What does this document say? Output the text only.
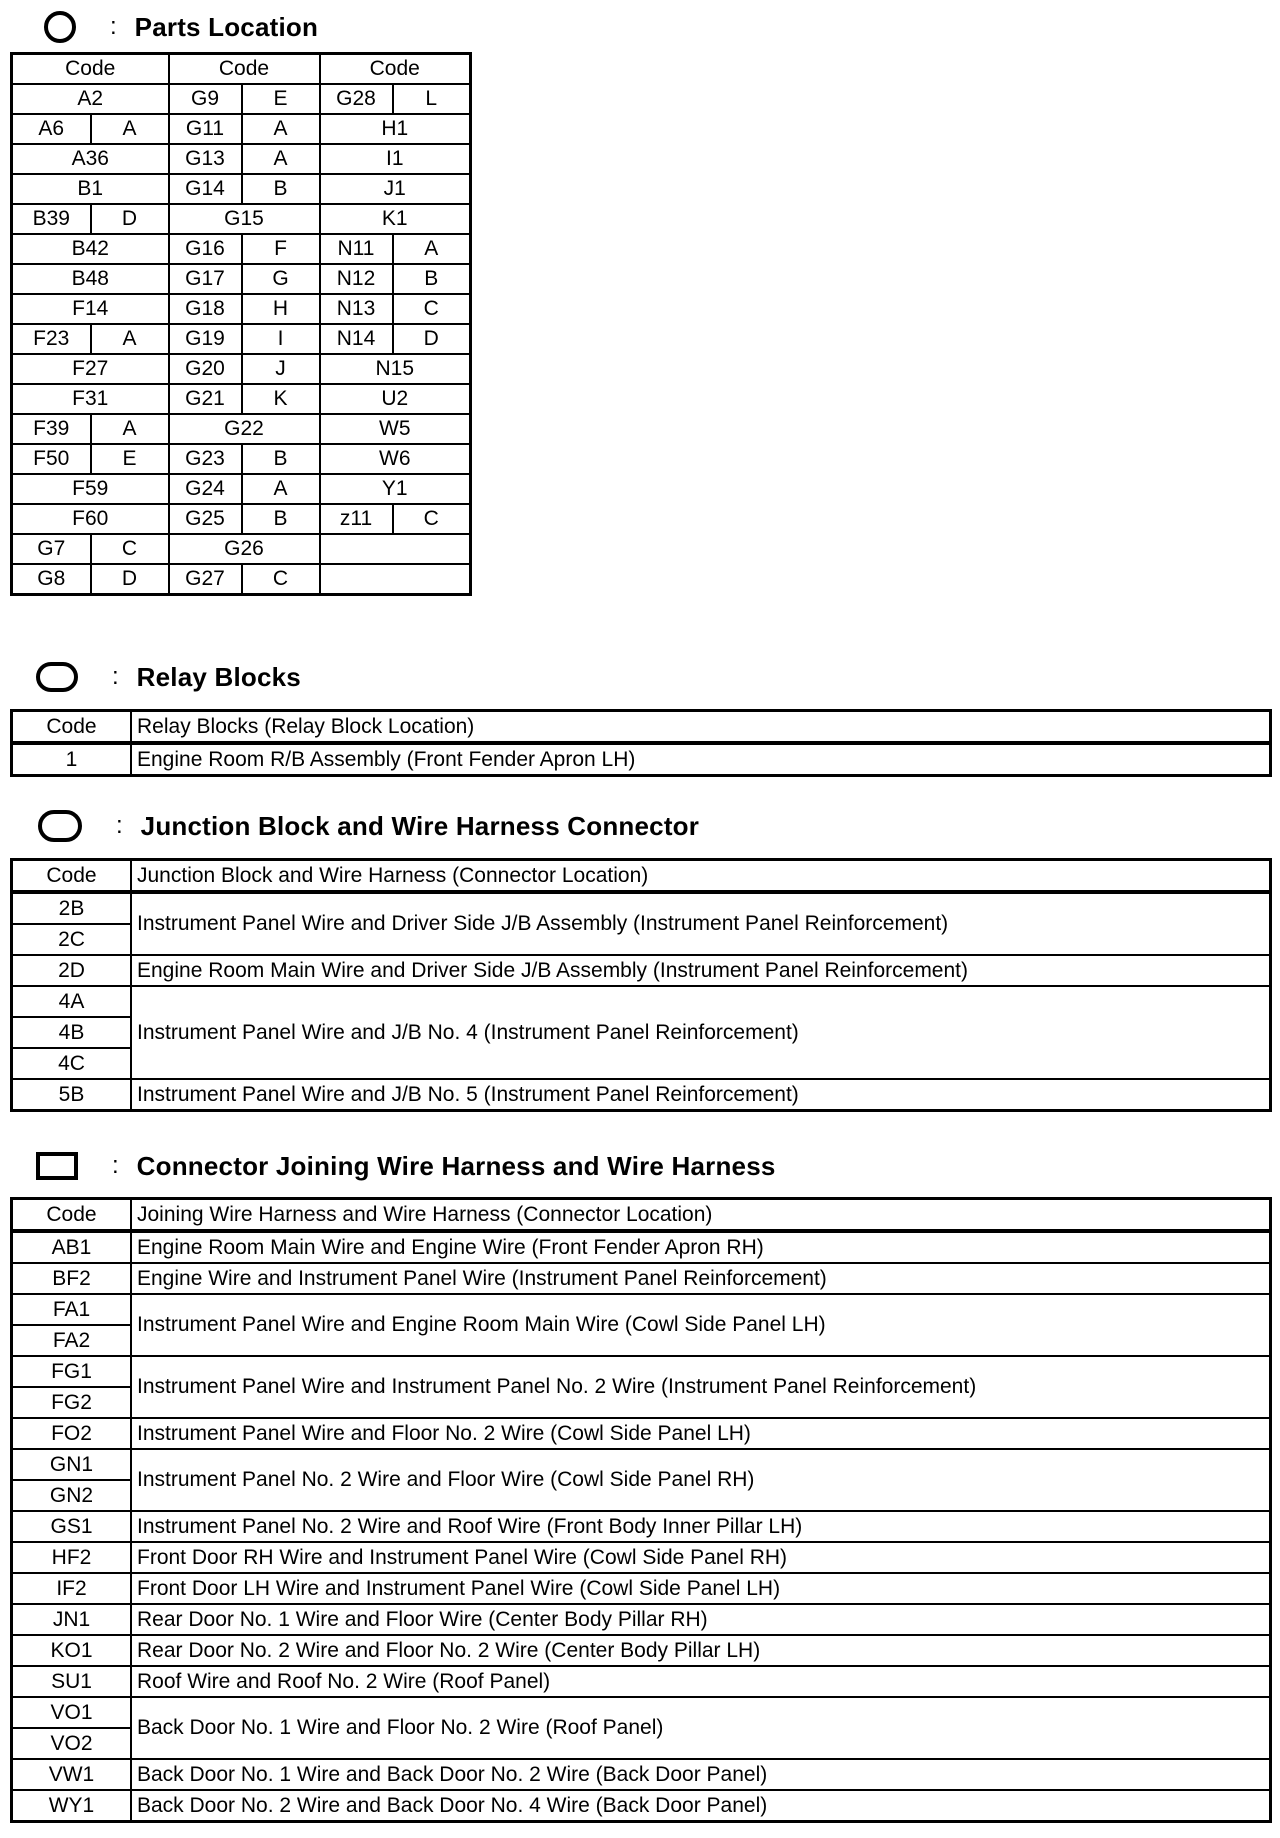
: Parts Location
Code		Code		Code	
A2		G9	E	G28	L
A6	A	G11	A	H1	
A36		G13	A	I1	
B1		G14	B	J1	
B39	D	G15		K1	
B42		G16	F	N11	A
B48		G17	G	N12	B
F14		G18	H	N13	C
F23	A	G19	I	N14	D
F27		G20	J	N15	
F31		G21	K	U2	
F39	A	G22		W5	
F50	E	G23	B	W6	
F59		G24	A	Y1	
F60		G25	B	z11	C
G7	C	G26			
G8	D	G27	C		
: Relay Blocks
Code	Relay Blocks (Relay Block Location)
1	Engine Room R/B Assembly (Front Fender Apron LH)
: Junction Block and Wire Harness Connector
Code	Junction Block and Wire Harness (Connector Location)
2B	Instrument Panel Wire and Driver Side J/B Assembly (Instrument Panel Reinforcement)
2C	
2D	Engine Room Main Wire and Driver Side J/B Assembly (Instrument Panel Reinforcement)
4A	Instrument Panel Wire and J/B No. 4 (Instrument Panel Reinforcement)
4B	
4C	
5B	Instrument Panel Wire and J/B No. 5 (Instrument Panel Reinforcement)
: Connector Joining Wire Harness and Wire Harness
Code	Joining Wire Harness and Wire Harness (Connector Location)
AB1	Engine Room Main Wire and Engine Wire (Front Fender Apron RH)
BF2	Engine Wire and Instrument Panel Wire (Instrument Panel Reinforcement)
FA1	Instrument Panel Wire and Engine Room Main Wire (Cowl Side Panel LH)
FA2	
FG1	Instrument Panel Wire and Instrument Panel No. 2 Wire (Instrument Panel Reinforcement)
FG2	
FO2	Instrument Panel Wire and Floor No. 2 Wire (Cowl Side Panel LH)
GN1	Instrument Panel No. 2 Wire and Floor Wire (Cowl Side Panel RH)
GN2	
GS1	Instrument Panel No. 2 Wire and Roof Wire (Front Body Inner Pillar LH)
HF2	Front Door RH Wire and Instrument Panel Wire (Cowl Side Panel RH)
IF2	Front Door LH Wire and Instrument Panel Wire (Cowl Side Panel LH)
JN1	Rear Door No. 1 Wire and Floor Wire (Center Body Pillar RH)
KO1	Rear Door No. 2 Wire and Floor No. 2 Wire (Center Body Pillar LH)
SU1	Roof Wire and Roof No. 2 Wire (Roof Panel)
VO1	Back Door No. 1 Wire and Floor No. 2 Wire (Roof Panel)
VO2	
VW1	Back Door No. 1 Wire and Back Door No. 2 Wire (Back Door Panel)
WY1	Back Door No. 2 Wire and Back Door No. 4 Wire (Back Door Panel)
